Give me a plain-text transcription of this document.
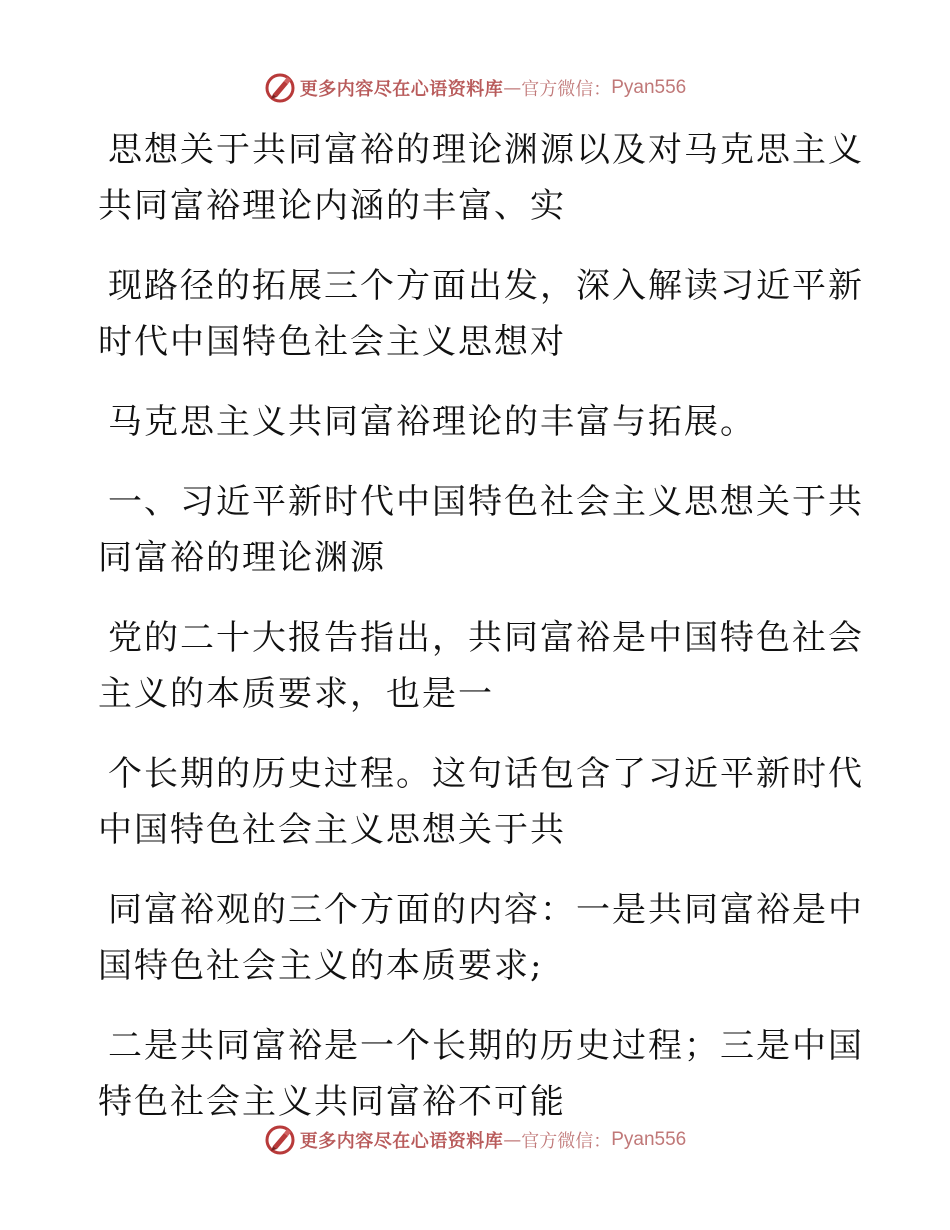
更多内容尽在心语资料库 — 官方微信： Pyan556
思想关于共同富裕的理论渊源以及对马克思主义
共同富裕理论内涵的丰富、实
现路径的拓展三个方面出发，深入解读习近平新
时代中国特色社会主义思想对
马克思主义共同富裕理论的丰富与拓展。
一、习近平新时代中国特色社会主义思想关于共
同富裕的理论渊源
党的二十大报告指出，共同富裕是中国特色社会
主义的本质要求，也是一
个长期的历史过程。这句话包含了习近平新时代
中国特色社会主义思想关于共
同富裕观的三个方面的内容：一是共同富裕是中
国特色社会主义的本质要求;
二是共同富裕是一个长期的历史过程；三是中国
特色社会主义共同富裕不可能
更多内容尽在心语资料库 — 官方微信： Pyan556
